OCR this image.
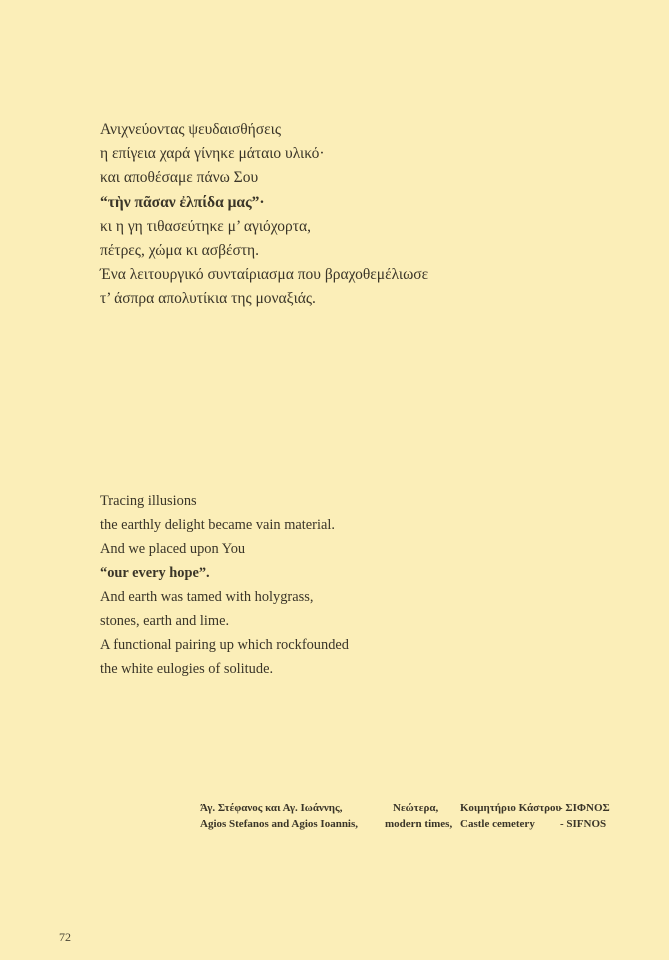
Ανιχνεύοντας ψευδαισθήσεις
η επίγεια χαρά γίνηκε μάταιο υλικό·
και αποθέσαμε πάνω Σου
“τὴν πᾶσαν ἐλπίδα μας”·
κι η γη τιθασεύτηκε μ’ αγιόχορτα,
πέτρες, χώμα κι ασβέστη.
Ένα λειτουργικό συνταίριασμα που βραχοθεμέλιωσε
τ’ άσπρα απολυτίκια της μοναξιάς.
Tracing illusions
the earthly delight became vain material.
And we placed upon You
“our every hope”.
And earth was tamed with holygrass,
stones, earth and lime.
A functional pairing up which rockfounded
the white eulogies of solitude.
Άγ. Στέφανος και Αγ. Ιωάννης,	Νεώτερα, Κοιμητήριο Κάστρου
- ΣΙΦΝΟΣ
Agios Stefanos and Agios Ioannis, modern times, Castle cemetery - SIFNOS
72
